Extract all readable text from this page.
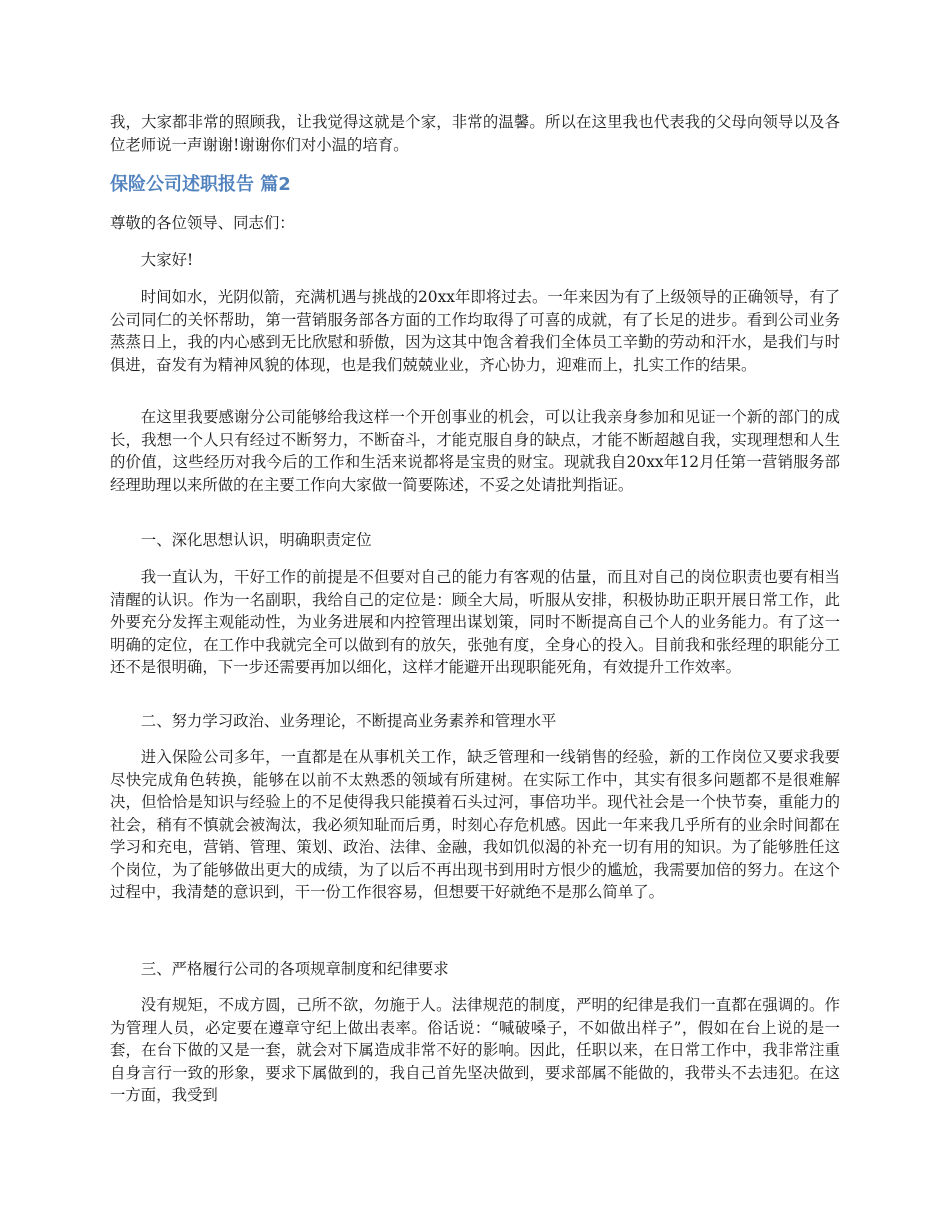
我，大家都非常的照顾我，让我觉得这就是个家，非常的温馨。所以在这里我也代表我的父母向领导以及各位老师说一声谢谢!谢谢你们对小温的培育。

保险公司述职报告 篇2

尊敬的各位领导、同志们：

大家好!

时间如水，光阴似箭，充满机遇与挑战的20xx年即将过去。一年来因为有了上级领导的正确领导，有了公司同仁的关怀帮助，第一营销服务部各方面的工作均取得了可喜的成就，有了长足的进步。看到公司业务蒸蒸日上，我的内心感到无比欣慰和骄傲，因为这其中饱含着我们全体员工辛勤的劳动和汗水，是我们与时俱进，奋发有为精神风貌的体现，也是我们兢兢业业，齐心协力，迎难而上，扎实工作的结果。

在这里我要感谢分公司能够给我这样一个开创事业的机会，可以让我亲身参加和见证一个新的部门的成长，我想一个人只有经过不断努力，不断奋斗，才能克服自身的缺点，才能不断超越自我，实现理想和人生的价值，这些经历对我今后的工作和生活来说都将是宝贵的财宝。现就我自20xx年12月任第一营销服务部经理助理以来所做的在主要工作向大家做一简要陈述，不妥之处请批判指证。

一、深化思想认识，明确职责定位

我一直认为，干好工作的前提是不但要对自己的能力有客观的估量，而且对自己的岗位职责也要有相当清醒的认识。作为一名副职，我给自己的定位是：顾全大局，听服从安排，积极协助正职开展日常工作，此外要充分发挥主观能动性，为业务进展和内控管理出谋划策，同时不断提高自己个人的业务能力。有了这一明确的定位，在工作中我就完全可以做到有的放矢，张弛有度，全身心的投入。目前我和张经理的职能分工还不是很明确，下一步还需要再加以细化，这样才能避开出现职能死角，有效提升工作效率。

二、努力学习政治、业务理论，不断提高业务素养和管理水平

进入保险公司多年，一直都是在从事机关工作，缺乏管理和一线销售的经验，新的工作岗位又要求我要尽快完成角色转换，能够在以前不太熟悉的领域有所建树。在实际工作中，其实有很多问题都不是很难解决，但恰恰是知识与经验上的不足使得我只能摸着石头过河，事倍功半。现代社会是一个快节奏，重能力的社会，稍有不慎就会被淘汰，我必须知耻而后勇，时刻心存危机感。因此一年来我几乎所有的业余时间都在学习和充电，营销、管理、策划、政治、法律、金融，我如饥似渴的补充一切有用的知识。为了能够胜任这个岗位，为了能够做出更大的成绩，为了以后不再出现书到用时方恨少的尴尬，我需要加倍的努力。在这个过程中，我清楚的意识到，干一份工作很容易，但想要干好就绝不是那么简单了。

三、严格履行公司的各项规章制度和纪律要求

没有规矩，不成方圆，己所不欲，勿施于人。法律规范的制度，严明的纪律是我们一直都在强调的。作为管理人员，必定要在遵章守纪上做出表率。俗话说：“喊破嗓子，不如做出样子”，假如在台上说的是一套，在台下做的又是一套，就会对下属造成非常不好的影响。因此，任职以来，在日常工作中，我非常注重自身言行一致的形象，要求下属做到的，我自己首先坚决做到，要求部属不能做的，我带头不去违犯。在这一方面，我受到
